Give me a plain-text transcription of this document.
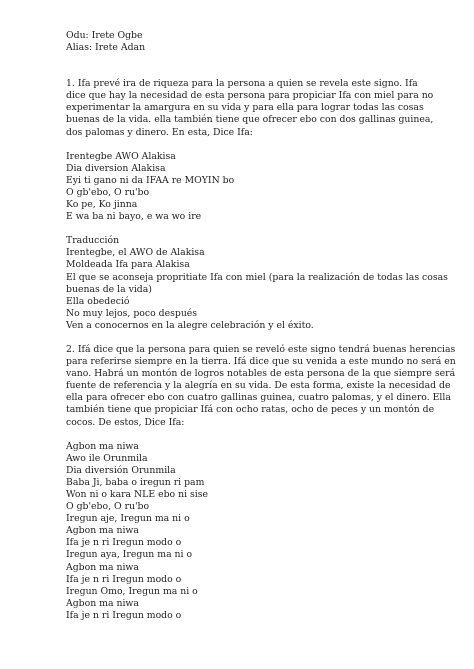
Odu: Irete Ogbe
Alias: Irete Adan

1. Ifa prevé ira de riqueza para la persona a quien se revela este signo. Ifa dice que hay la necesidad de esta persona para propiciar Ifa con miel para no experimentar la amargura en su vida y para ella para lograr todas las cosas buenas de la vida. ella también tiene que ofrecer ebo con dos gallinas guinea, dos palomas y dinero. En esta, Dice Ifa:

Irentegbe AWO Alakisa
Dia diversion Alakisa
Eyi ti gano ni da IFAA re MOYIN bo
O gb'ebo, O ru'bo
Ko pe, Ko jinna
E wa ba ni bayo, e wa wo ire
Traducción
Irentegbe, el AWO de Alakisa
Moldeada Ifa para Alakisa
El que se aconseja propritiate Ifa con miel (para la realización de todas las cosas
buenas de la vida)
Ella obedeció
No muy lejos, poco después
Ven a conocernos en la alegre celebración y el éxito.
2. Ifá dice que la persona para quien se reveló este signo tendrá buenas herencias
para referirse siempre en la tierra. Ifá dice que su venida a este mundo no será en
vano. Habrá un montón de logros notables de esta persona de la que siempre será
fuente de referencia y la alegría en su vida. De esta forma, existe la necesidad de
ella para ofrecer ebo con cuatro gallinas guinea, cuatro palomas, y el dinero. Ella
también tiene que propiciar Ifá con ocho ratas, ocho de peces y un montón de
cocos. De estos, Dice Ifa:
Agbon ma niwa
Awo ile Orunmila
Dia diversión Orunmila
Baba Ji, baba o iregun ri pam
Won ni o kara NLE ebo ni sise
O gb'ebo, O ru'bo
Iregun aje, Iregun ma ni o
Agbon ma niwa
Ifa je n ri Iregun modo o
Iregun aya, Iregun ma ni o
Agbon ma niwa
Ifa je n ri Iregun modo o
Iregun Omo, Iregun ma ni o
Agbon ma niwa
Ifa je n ri Iregun modo o
